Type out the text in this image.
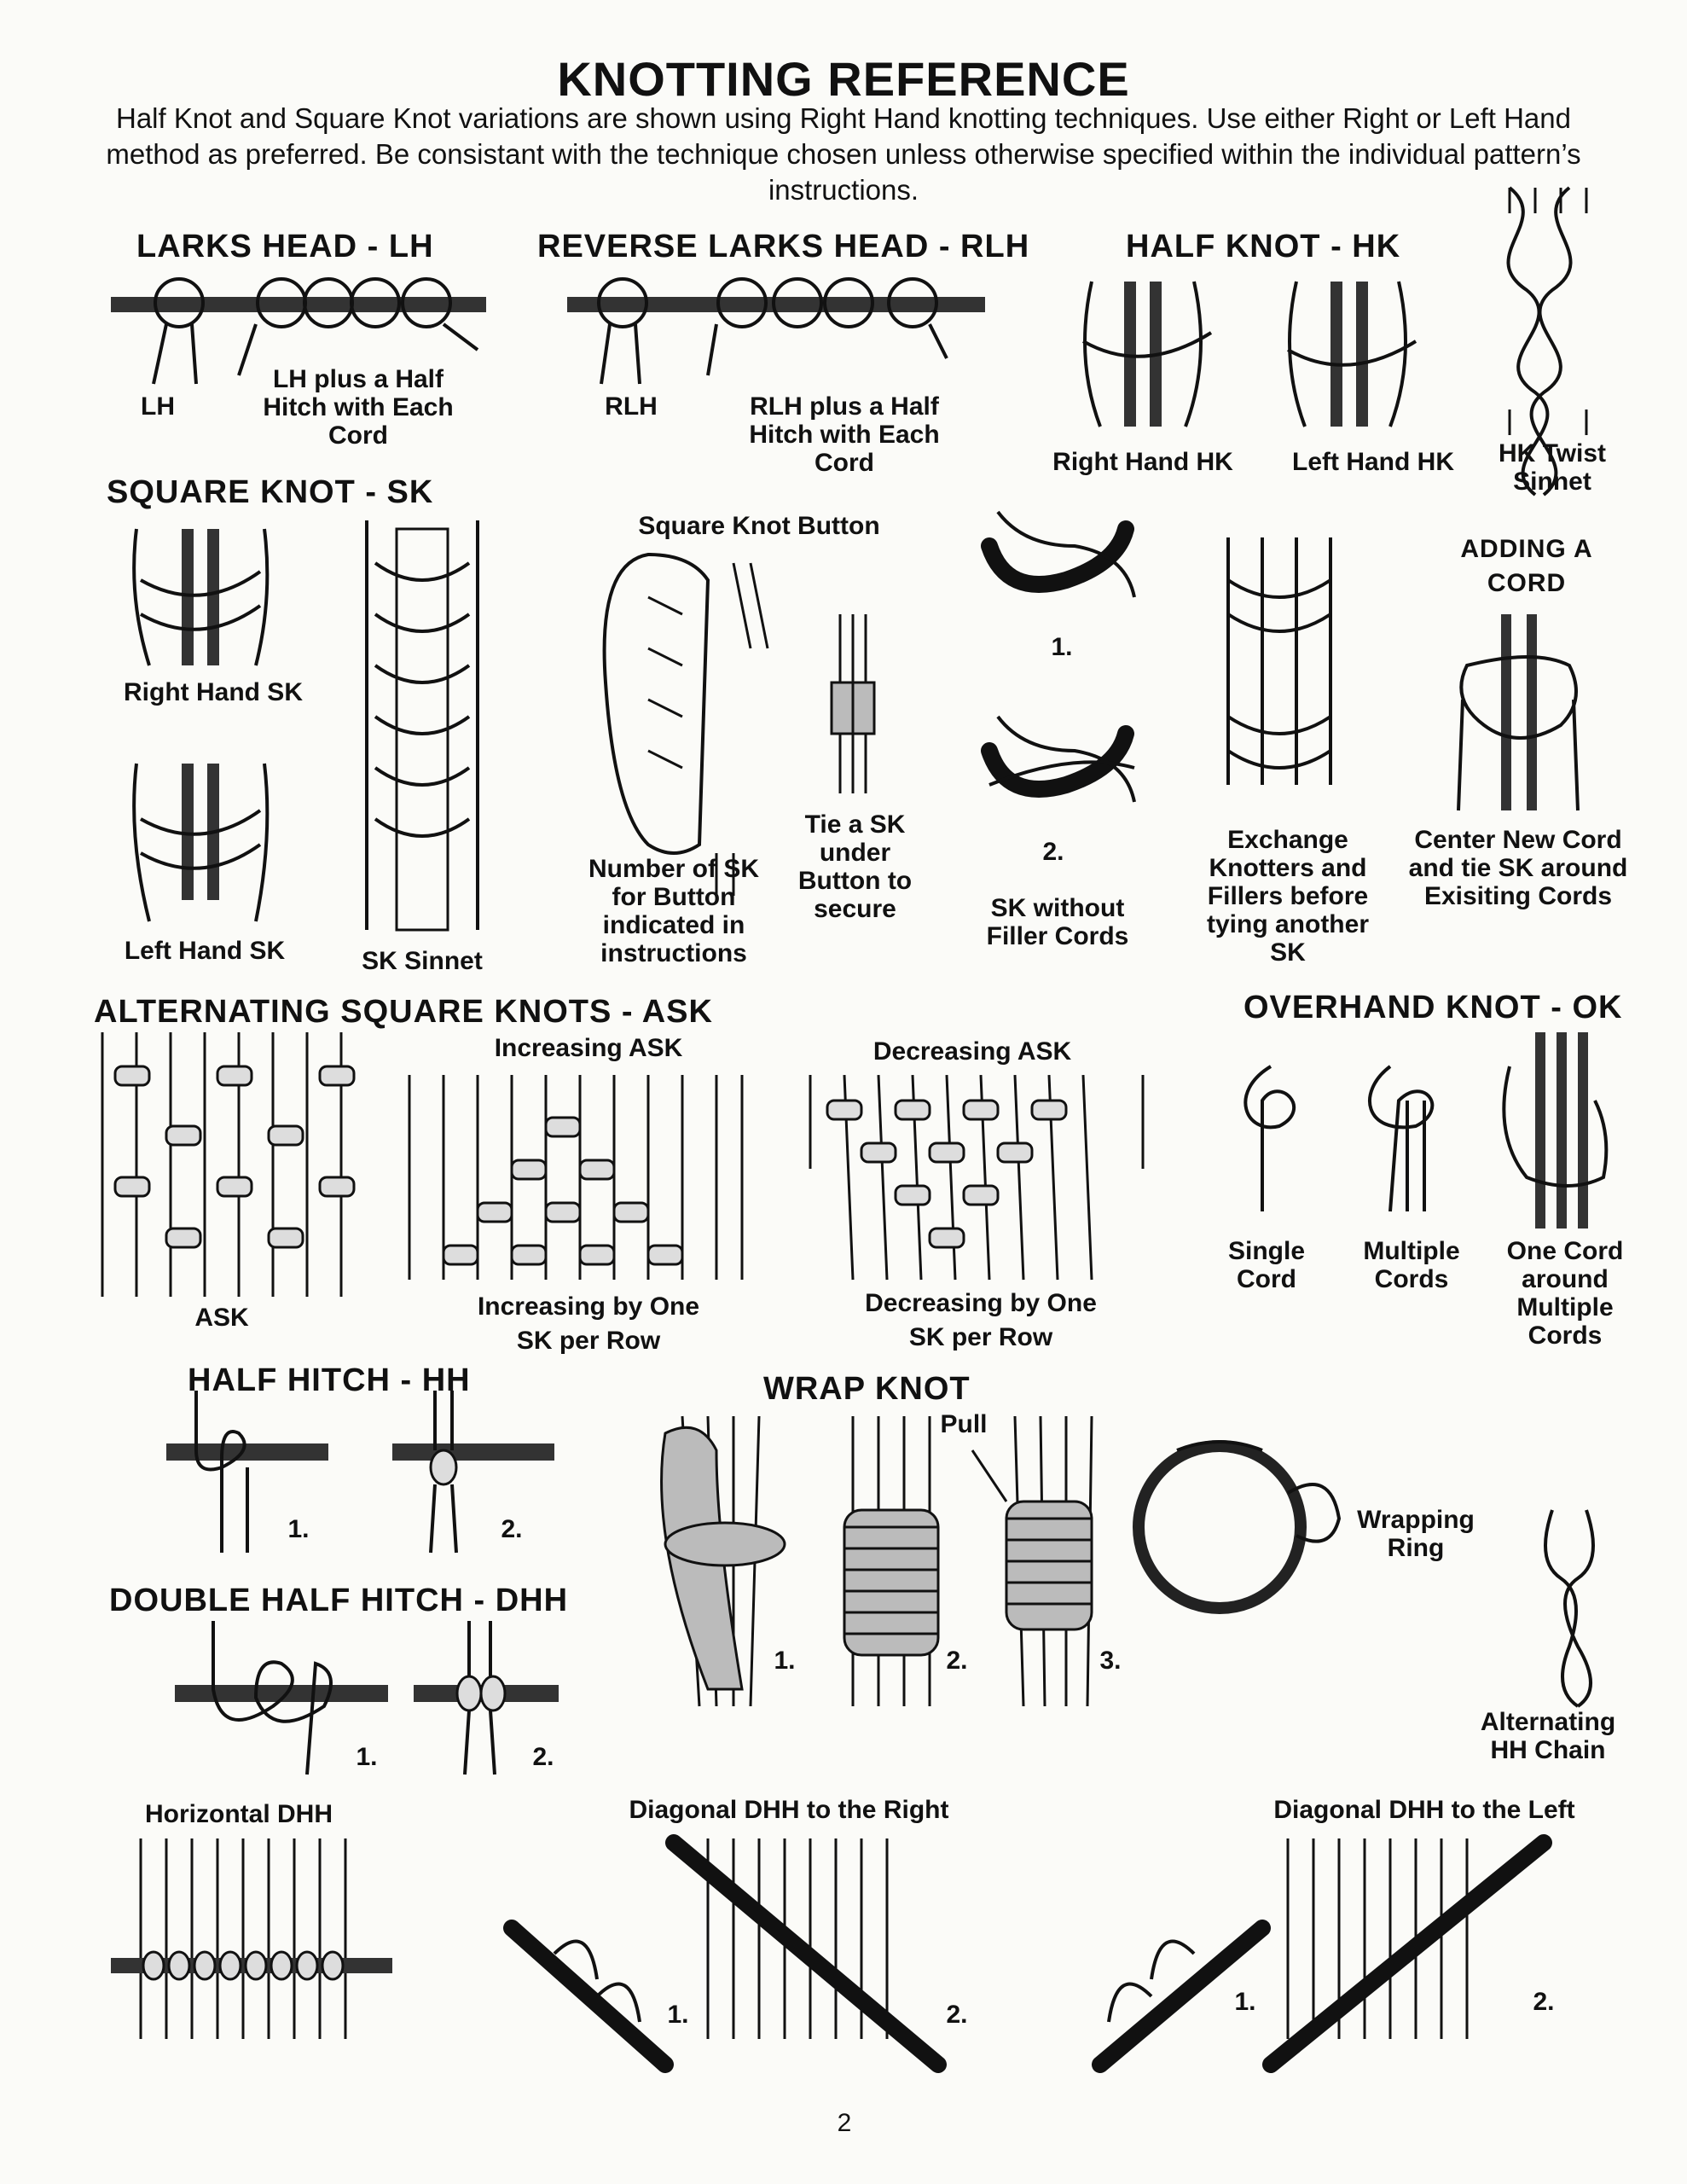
KNOTTING REFERENCE
Half Knot and Square Knot variations are shown using Right Hand knotting techniques. Use either Right or Left Hand method as preferred. Be consistant with the technique chosen unless otherwise specified within the individual pattern’s instructions.
LARKS HEAD - LH
LH
LH plus a Half Hitch with Each Cord
REVERSE LARKS HEAD - RLH
RLH	RLH plus a Half Hitch with Each Cord
HALF KNOT - HK
Right Hand HK	Left Hand HK	HK Twist Sinnet
SQUARE KNOT - SK
Right Hand SK
Left Hand SK	SK Sinnet
Square Knot Button
Number of SK for Button indicated in instructions
Tie a SK under Button to secure
1.
2.
SK without Filler Cords
Exchange Knotters and Fillers before tying another SK
ADDING A CORD
Center New Cord and tie SK around Exisiting Cords
ALTERNATING SQUARE KNOTS - ASK
Increasing ASK	Decreasing ASK
ASK	Increasing by One SK per Row
Decreasing by One SK per Row
OVERHAND KNOT - OK
Single Cord
Multiple Cords
One Cord around Multiple Cords
HALF HITCH - HH
1.	2.
DOUBLE HALF HITCH - DHH
1.	2.
WRAP KNOT
Pull
1.	2.	3.
Wrapping Ring
Alternating HH Chain
Horizontal DHH	Diagonal DHH to the Right	Diagonal DHH to the Left
1.	2.	1.	2.
2
